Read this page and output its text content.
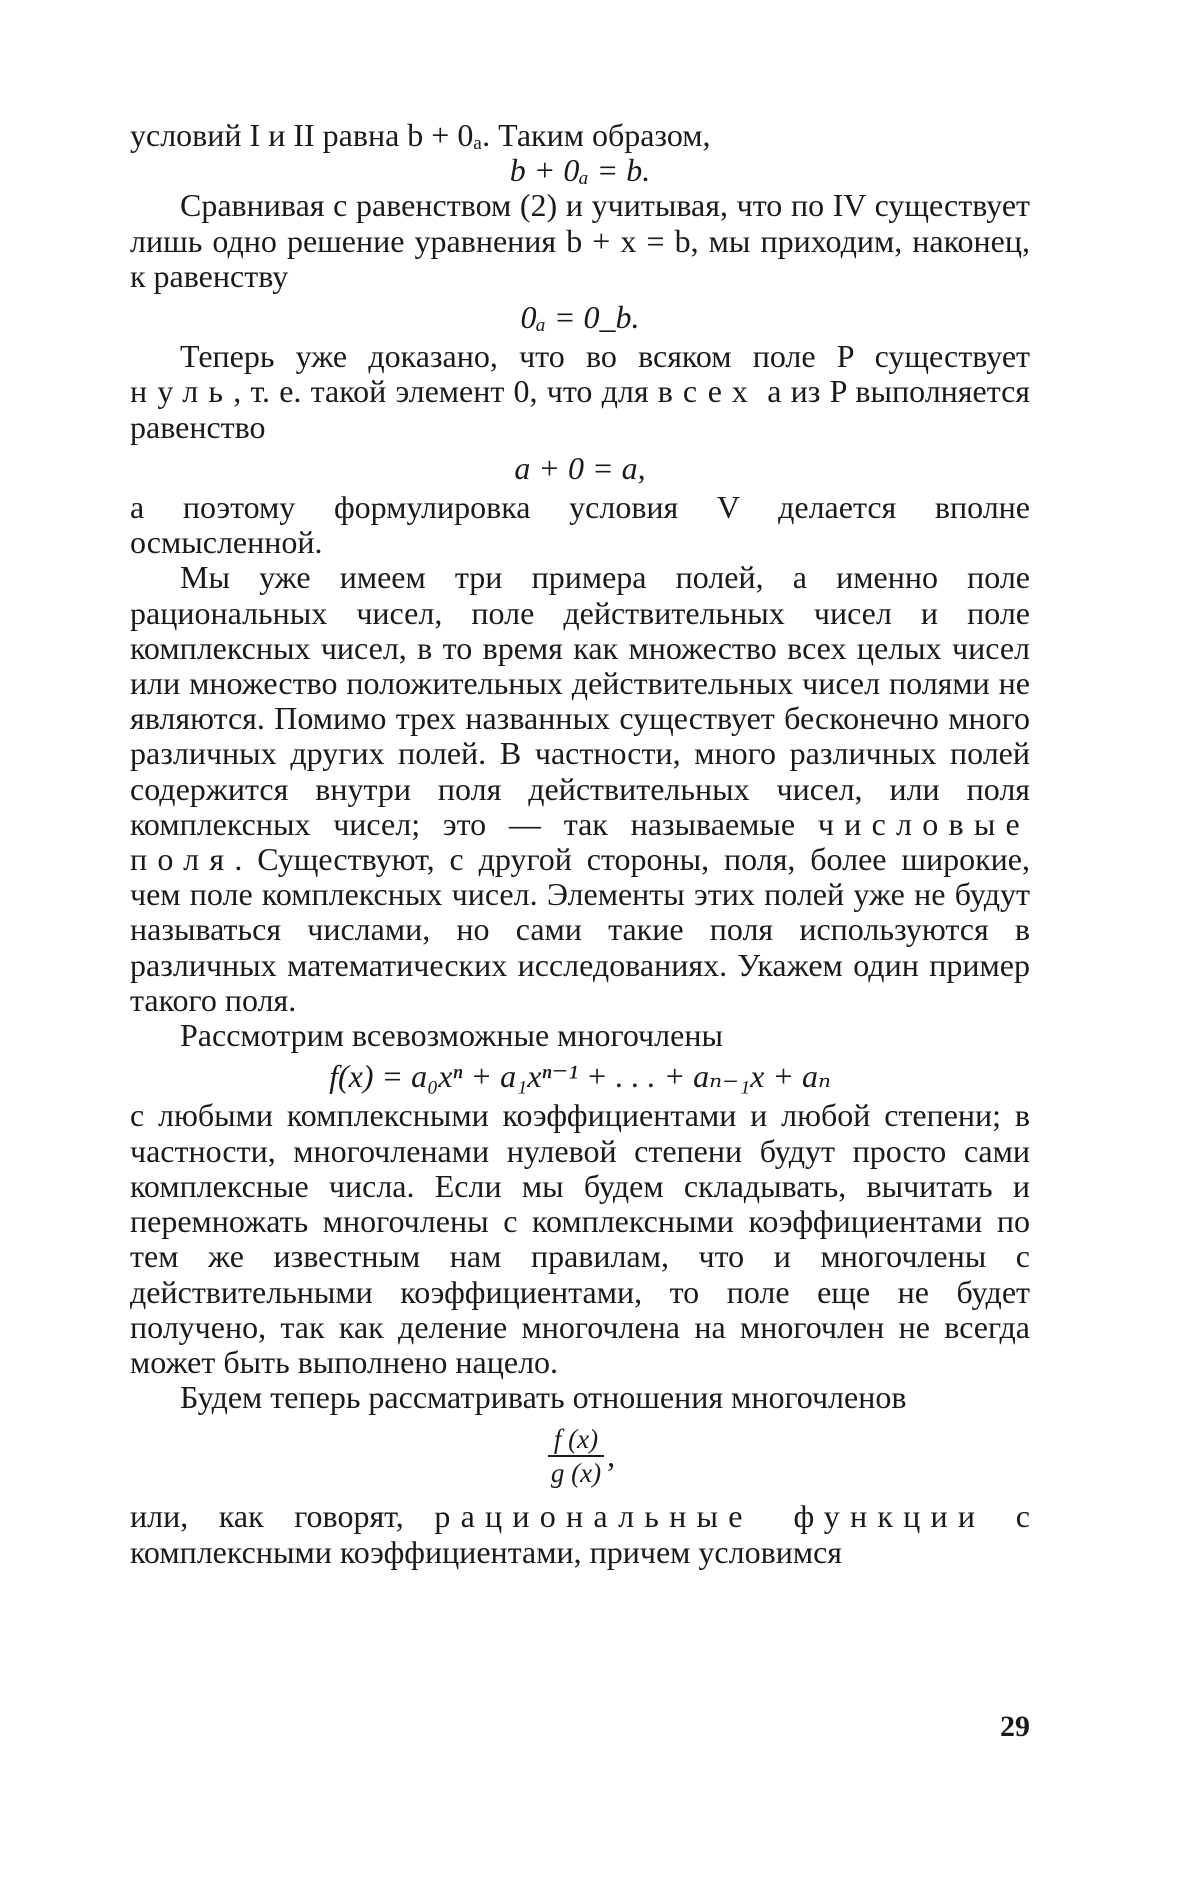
условий I и II равна b + 0ₐ. Таким образом,

b + 0ₐ = b.

Сравнивая с равенством (2) и учитывая, что по IV существует лишь одно решение уравнения b + x = b, мы приходим, наконец, к равенству

0ₐ = 0_b.

Теперь уже доказано, что во всяком поле P существует нуль, т. е. такой элемент 0, что для всех a из P выполняется равенство

a + 0 = a,

а поэтому формулировка условия V делается вполне осмысленной.

Мы уже имеем три примера полей, а именно поле рациональных чисел, поле действительных чисел и поле комплексных чисел, в то время как множество всех целых чисел или множество положительных действительных чисел полями не являются. Помимо трех названных существует бесконечно много различных других полей. В частности, много различных полей содержится внутри поля действительных чисел, или поля комплексных чисел; это — так называемые числовые поля. Существуют, с другой стороны, поля, более широкие, чем поле комплексных чисел. Элементы этих полей уже не будут называться числами, но сами такие поля используются в различных математических исследованиях. Укажем один пример такого поля.

Рассмотрим всевозможные многочлены

f(x) = a₀xⁿ + a₁xⁿ⁻¹ + . . . + aₙ₋₁x + aₙ

с любыми комплексными коэффициентами и любой степени; в частности, многочленами нулевой степени будут просто сами комплексные числа. Если мы будем складывать, вычитать и перемножать многочлены с комплексными коэффициентами по тем же известным нам правилам, что и многочлены с действительными коэффициентами, то поле еще не будет получено, так как деление многочлена на многочлен не всегда может быть выполнено нацело.

Будем теперь рассматривать отношения многочленов

$\frac{f (x)}{g (x)}$ ,

или, как говорят, рациональные функции с комплексными коэффициентами, причем условимся

29
